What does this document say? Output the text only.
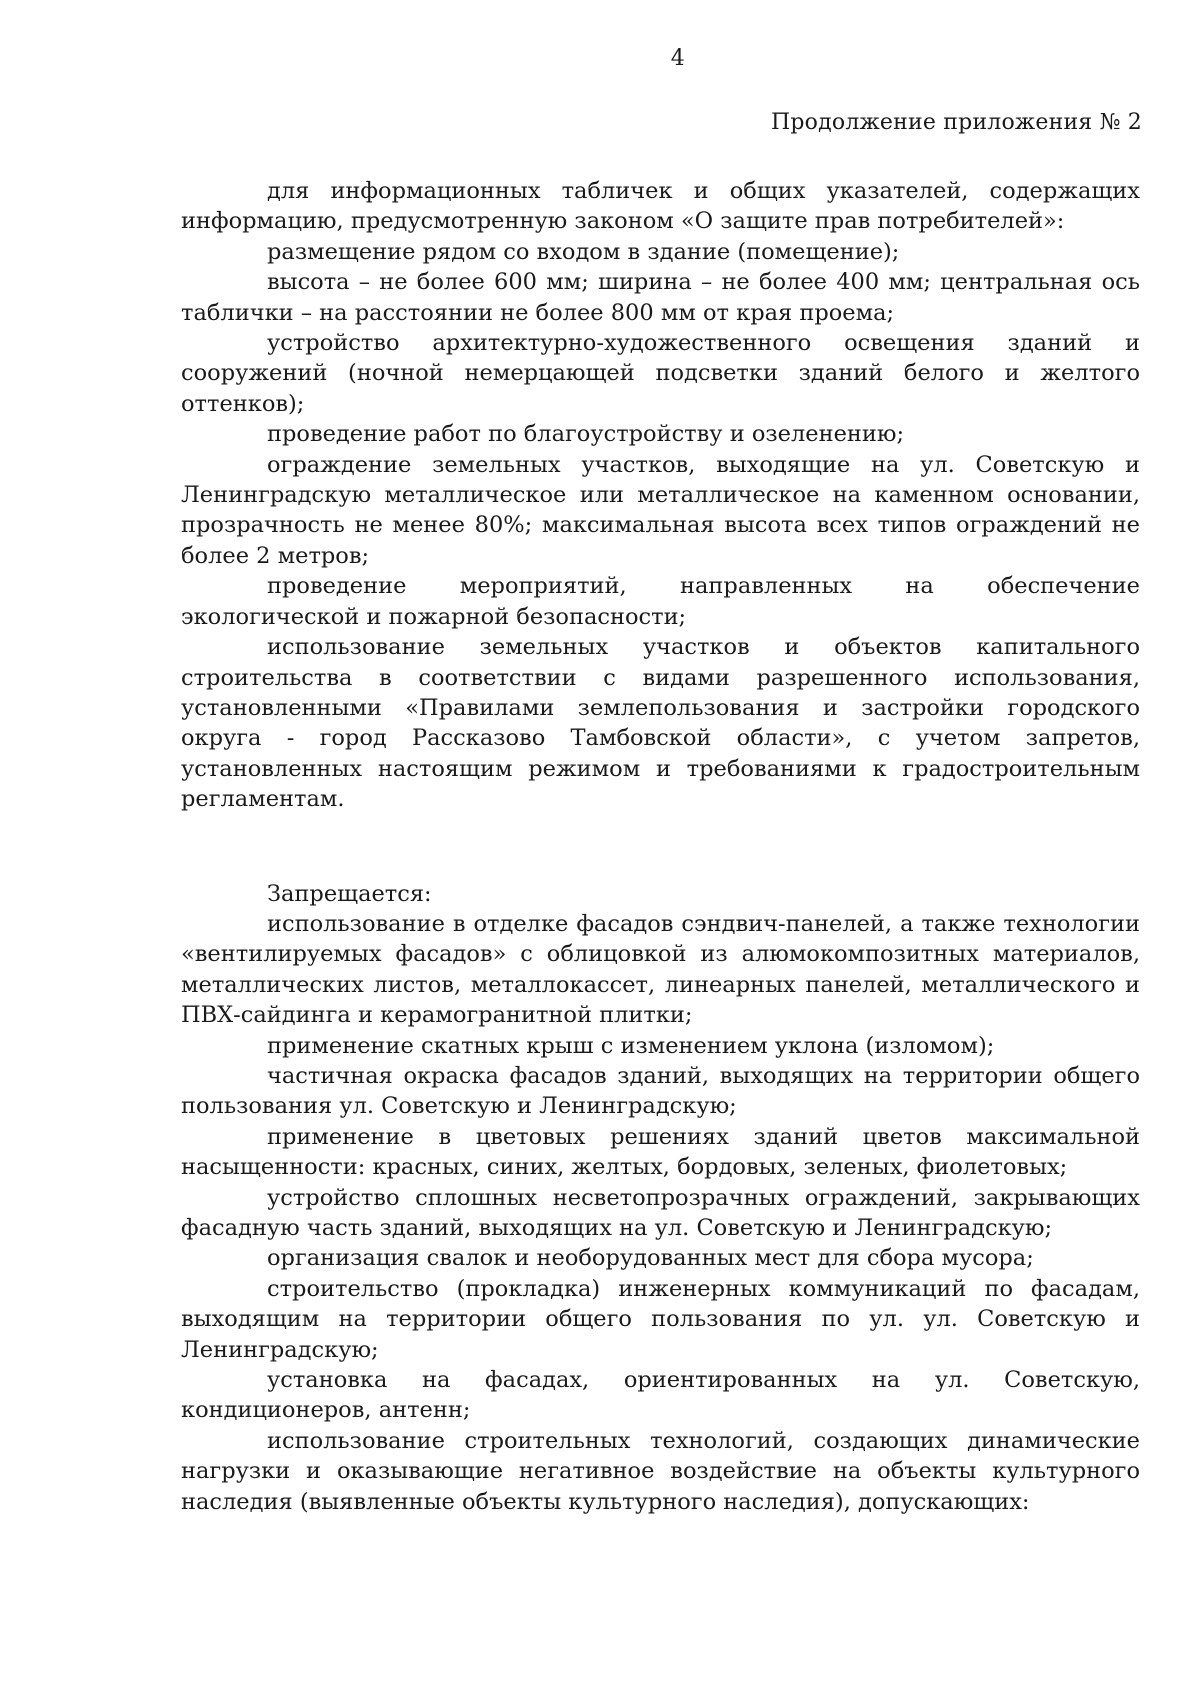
4

Продолжение приложения № 2

для информационных табличек и общих указателей, содержащих информацию, предусмотренную законом «О защите прав потребителей»:

размещение рядом со входом в здание (помещение);

высота – не более 600 мм; ширина – не более 400 мм; центральная ось таблички – на расстоянии не более 800 мм от края проема;

устройство архитектурно-художественного освещения зданий и сооружений (ночной немерцающей подсветки зданий белого и желтого оттенков);

проведение работ по благоустройству и озеленению;

ограждение земельных участков, выходящие на ул. Советскую и Ленинградскую металлическое или металлическое на каменном основании, прозрачность не менее 80%; максимальная высота всех типов ограждений не более 2 метров;

проведение мероприятий, направленных на обеспечение экологической и пожарной безопасности;

использование земельных участков и объектов капитального строительства в соответствии с видами разрешенного использования, установленными «Правилами землепользования и застройки городского округа - город Рассказово Тамбовской области», с учетом запретов, установленных настоящим режимом и требованиями к градостроительным регламентам.

Запрещается:

использование в отделке фасадов сэндвич-панелей, а также технологии «вентилируемых фасадов» с облицовкой из алюмокомпозитных материалов, металлических листов, металлокассет, линеарных панелей, металлического и ПВХ-сайдинга и керамогранитной плитки;

применение скатных крыш с изменением уклона (изломом);

частичная окраска фасадов зданий, выходящих на территории общего пользования ул. Советскую и Ленинградскую;

применение в цветовых решениях зданий цветов максимальной насыщенности: красных, синих, желтых, бордовых, зеленых, фиолетовых;

устройство сплошных несветопрозрачных ограждений, закрывающих фасадную часть зданий, выходящих на ул. Советскую и Ленинградскую;

организация свалок и необорудованных мест для сбора мусора;

строительство (прокладка) инженерных коммуникаций по фасадам, выходящим на территории общего пользования по ул. ул. Советскую и Ленинградскую;

установка на фасадах, ориентированных на ул. Советскую, кондиционеров, антенн;

использование строительных технологий, создающих динамические нагрузки и оказывающие негативное воздействие на объекты культурного наследия (выявленные объекты культурного наследия), допускающих:
